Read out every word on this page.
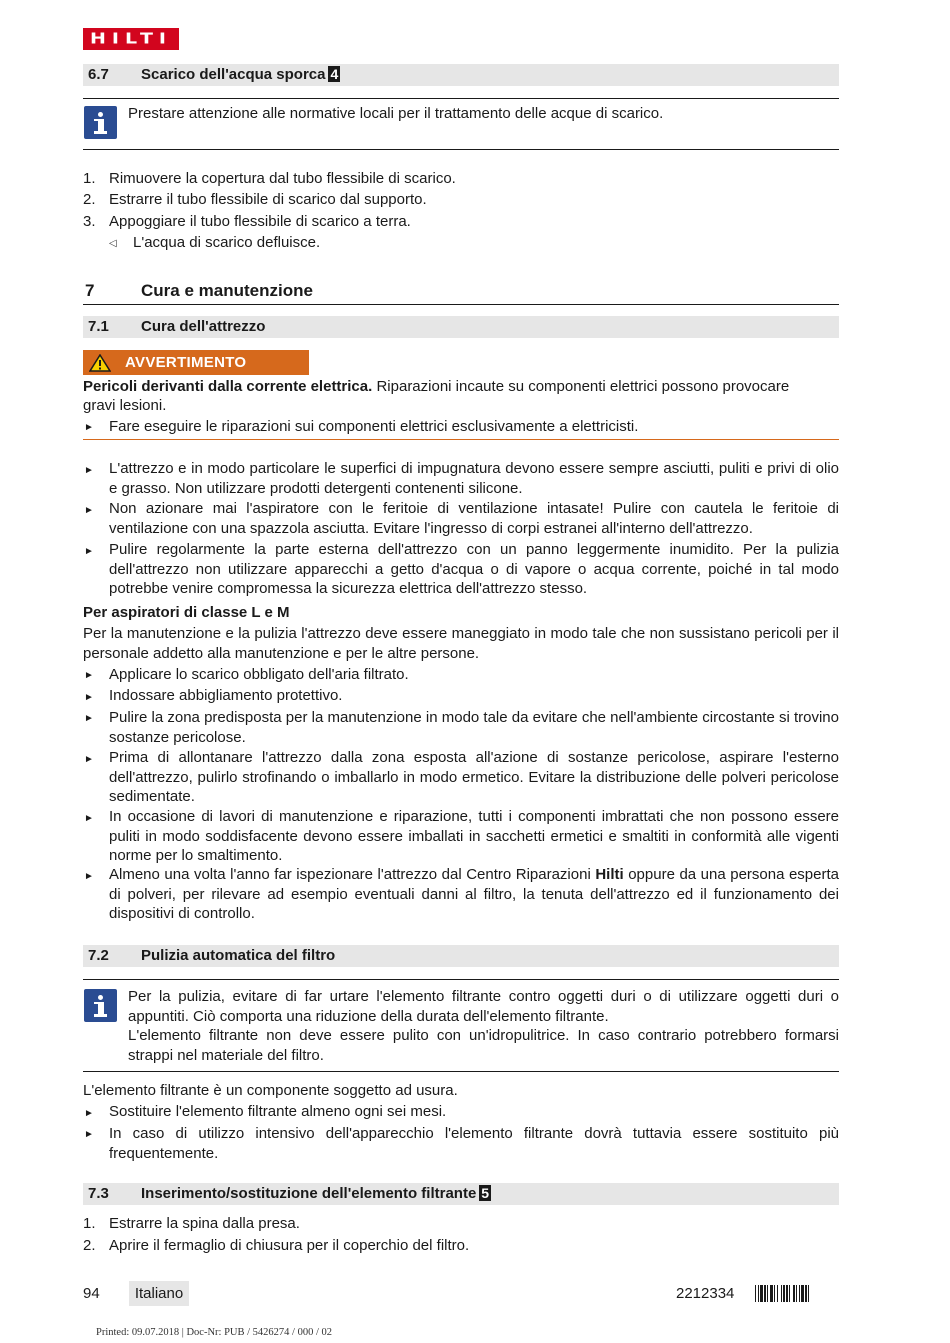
HILTI
6.7 Scarico dell'acqua sporca 4
Prestare attenzione alle normative locali per il trattamento delle acque di scarico.
1. Rimuovere la copertura dal tubo flessibile di scarico.
2. Estrarre il tubo flessibile di scarico dal supporto.
3. Appoggiare il tubo flessibile di scarico a terra.
◁ L'acqua di scarico defluisce.
7	Cura e manutenzione
7.1 Cura dell'attrezzo
AVVERTIMENTO
Pericoli derivanti dalla corrente elettrica. Riparazioni incaute su componenti elettrici possono provocare
gravi lesioni.
►	Fare eseguire le riparazioni sui componenti elettrici esclusivamente a elettricisti.
►	L'attrezzo e in modo particolare le superfici di impugnatura devono essere sempre asciutti, puliti e privi di olio e grasso. Non utilizzare prodotti detergenti contenenti silicone.
►	Non azionare mai l'aspiratore con le feritoie di ventilazione intasate! Pulire con cautela le feritoie di ventilazione con una spazzola asciutta. Evitare l'ingresso di corpi estranei all'interno dell'attrezzo.
►	Pulire regolarmente la parte esterna dell'attrezzo con un panno leggermente inumidito. Per la pulizia dell'attrezzo non utilizzare apparecchi a getto d'acqua o di vapore o acqua corrente, poiché in tal modo potrebbe venire compromessa la sicurezza elettrica dell'attrezzo stesso.
Per aspiratori di classe L e M
Per la manutenzione e la pulizia l'attrezzo deve essere maneggiato in modo tale che non sussistano pericoli per il personale addetto alla manutenzione e per le altre persone.
►	Applicare lo scarico obbligato dell'aria filtrato.
►	Indossare abbigliamento protettivo.
►	Pulire la zona predisposta per la manutenzione in modo tale da evitare che nell'ambiente circostante si trovino sostanze pericolose.
►	Prima di allontanare l'attrezzo dalla zona esposta all'azione di sostanze pericolose, aspirare l'esterno dell'attrezzo, pulirlo strofinando o imballarlo in modo ermetico. Evitare la distribuzione delle polveri pericolose sedimentate.
►	In occasione di lavori di manutenzione e riparazione, tutti i componenti imbrattati che non possono essere puliti in modo soddisfacente devono essere imballati in sacchetti ermetici e smaltiti in conformità alle vigenti norme per lo smaltimento.
►	Almeno una volta l'anno far ispezionare l'attrezzo dal Centro Riparazioni Hilti oppure da una persona esperta di polveri, per rilevare ad esempio eventuali danni al filtro, la tenuta dell'attrezzo ed il funzionamento dei dispositivi di controllo.
7.2 Pulizia automatica del filtro
Per la pulizia, evitare di far urtare l'elemento filtrante contro oggetti duri o di utilizzare oggetti duri o appuntiti. Ciò comporta una riduzione della durata dell'elemento filtrante.
L'elemento filtrante non deve essere pulito con un'idropulitrice. In caso contrario potrebbero formarsi strappi nel materiale del filtro.
L'elemento filtrante è un componente soggetto ad usura.
►	Sostituire l'elemento filtrante almeno ogni sei mesi.
►	In caso di utilizzo intensivo dell'apparecchio l'elemento filtrante dovrà tuttavia essere sostituito più frequentemente.
7.3 Inserimento/sostituzione dell'elemento filtrante 5
1. Estrarre la spina dalla presa.
2. Aprire il fermaglio di chiusura per il coperchio del filtro.
94	Italiano	2212334
Printed: 09.07.2018 | Doc-Nr: PUB / 5426274 / 000 / 02
